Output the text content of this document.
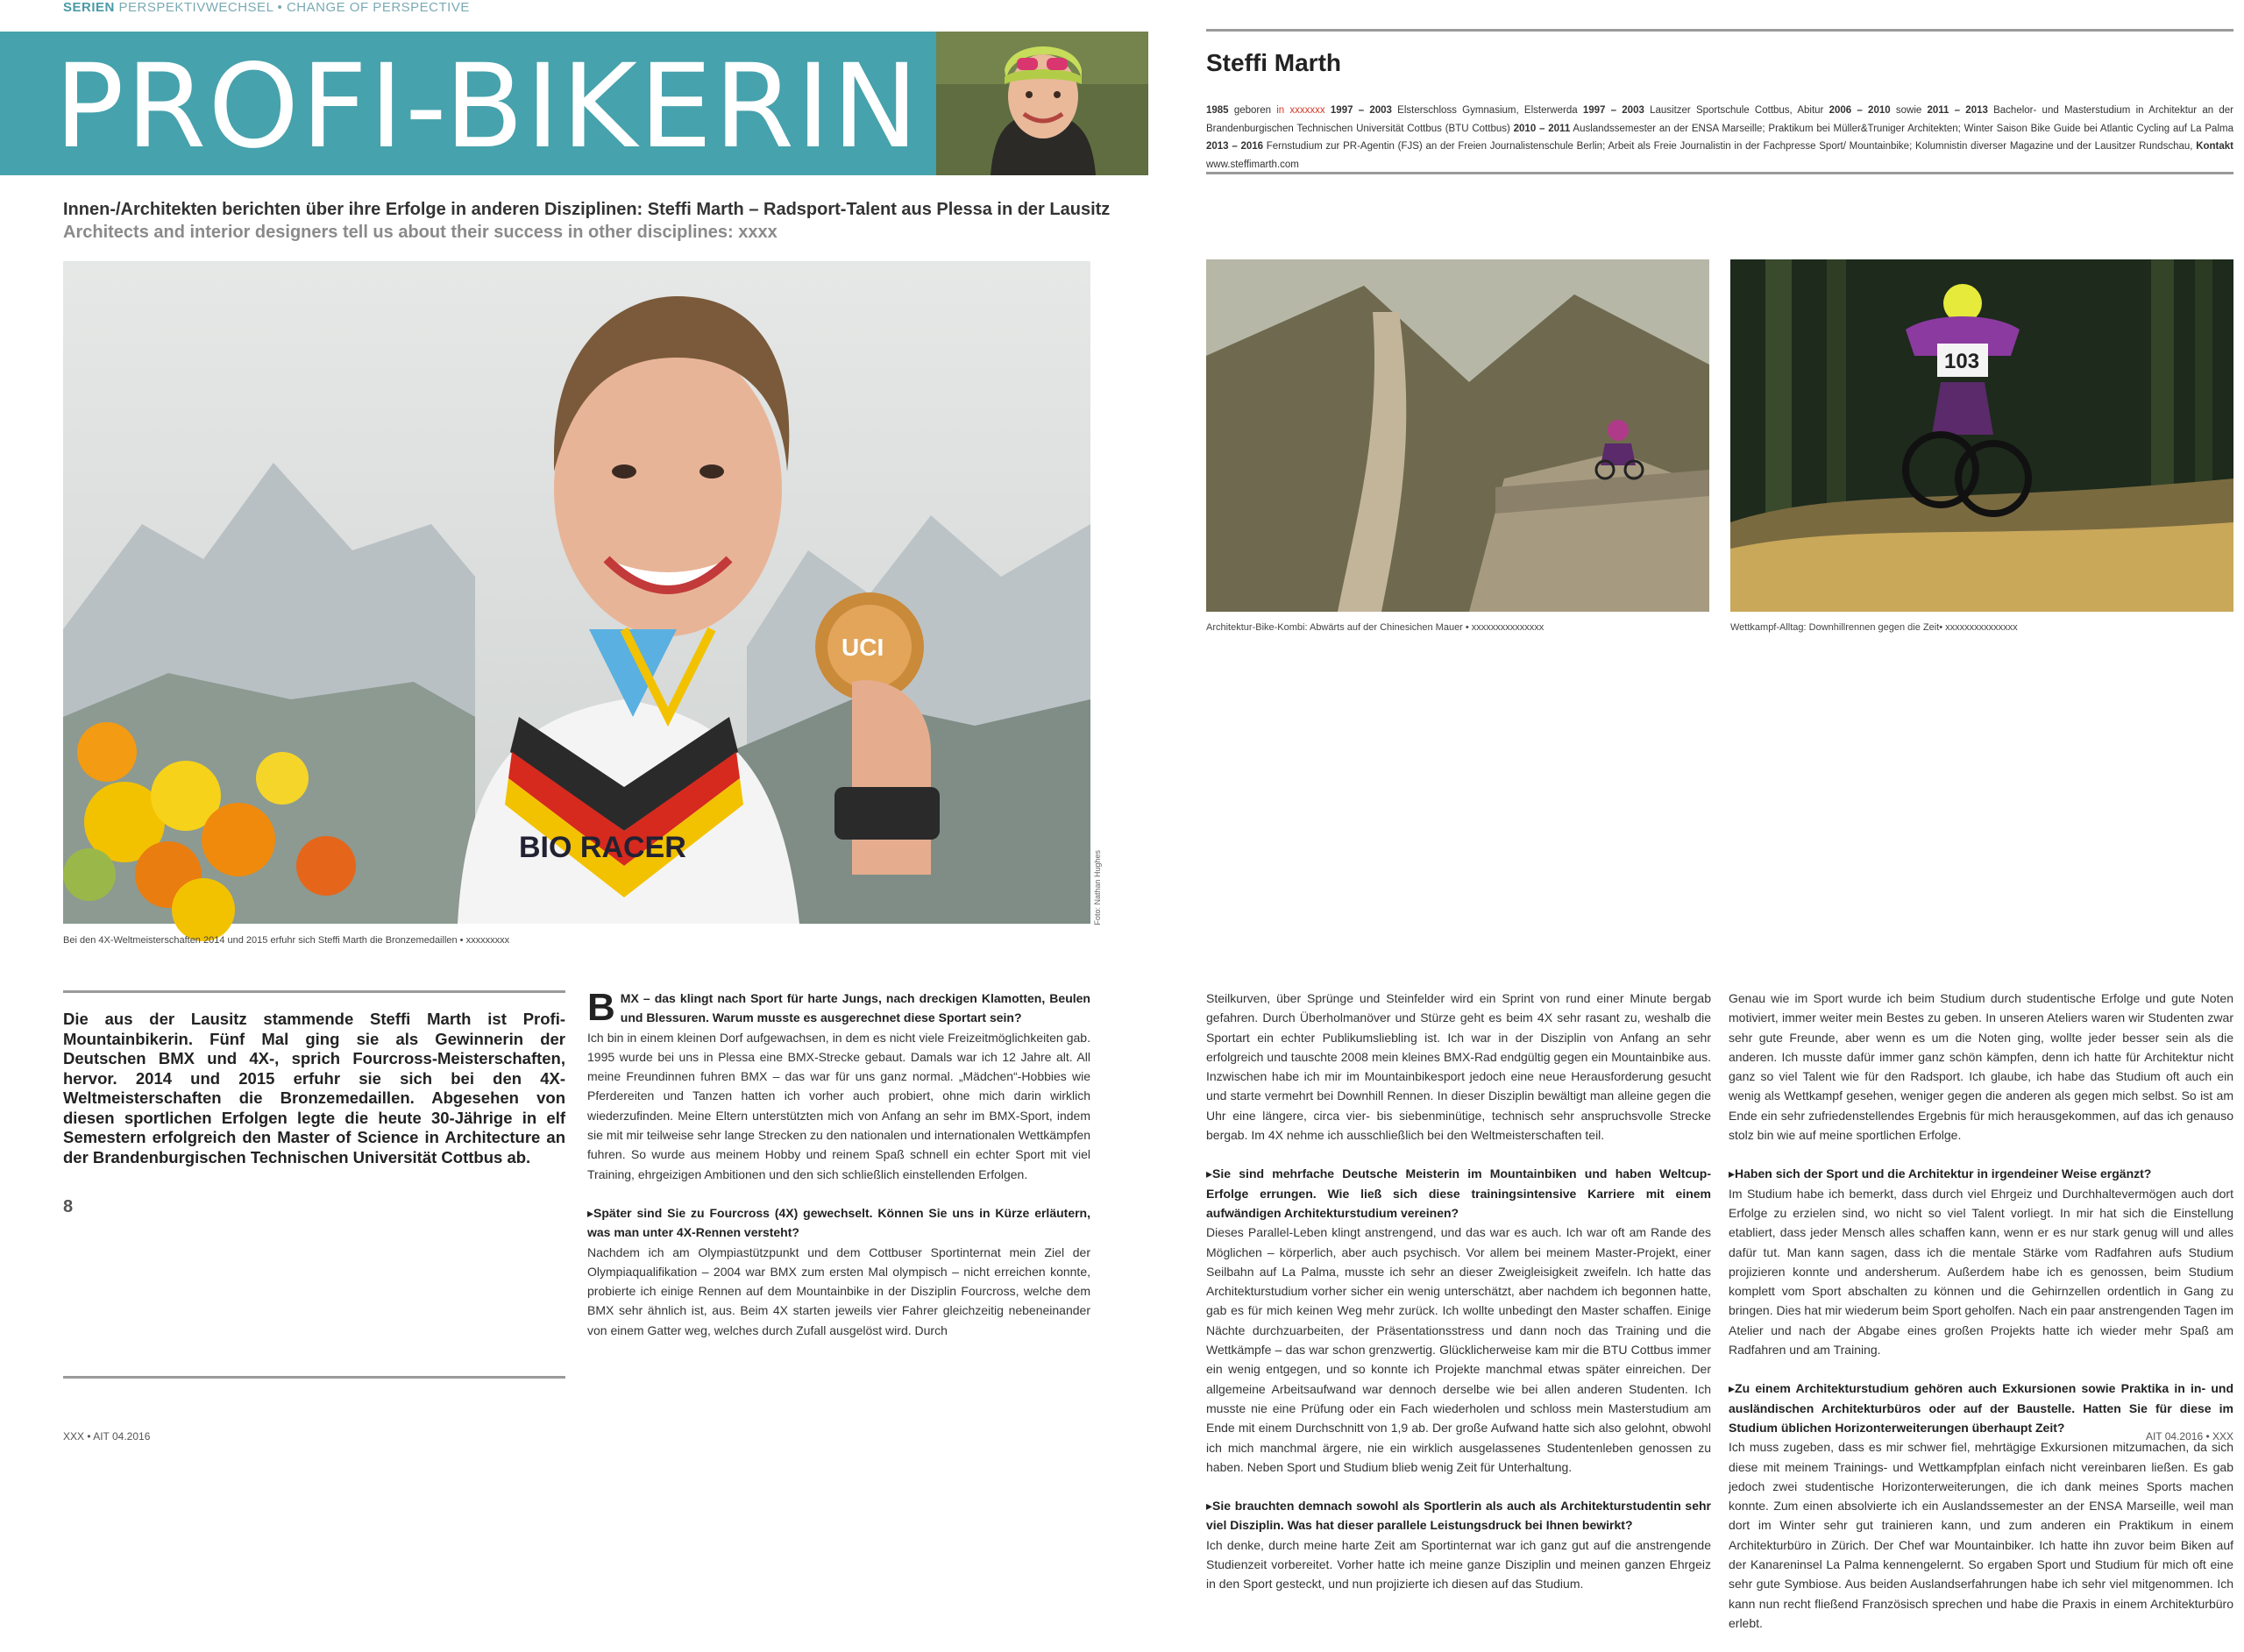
SERIEN PERSPEKTIVWECHSEL • CHANGE OF PERSPECTIVE
PROFI-BIKERIN
Innen-/Architekten berichten über ihre Erfolge in anderen Disziplinen: Steffi Marth – Radsport-Talent aus Plessa in der Lausitz
Architects and interior designers tell us about their success in other disciplines: xxxx
BIO RACER
UCI
Foto: Nathan Hughes
Bei den 4X-Weltmeisterschaften 2014 und 2015 erfuhr sich Steffi Marth die Bronzemedaillen • xxxxxxxxx
Die aus der Lausitz stammende Steffi Marth ist Profi-Mountainbikerin. Fünf Mal ging sie als Gewinnerin der Deutschen BMX und 4X-, sprich Fourcross-Meisterschaften, hervor. 2014 und 2015 erfuhr sie sich bei den 4X-Weltmeisterschaften die Bronzemedaillen. Abgesehen von diesen sportlichen Erfolgen legte die heute 30-Jährige in elf Semestern erfolgreich den Master of Science in Architecture an der Brandenburgischen Technischen Universität Cottbus ab.
8

BMX – das klingt nach Sport für harte Jungs, nach dreckigen Klamotten, Beulen und Blessuren. Warum musste es ausgerechnet diese Sportart sein?

Ich bin in einem kleinen Dorf aufgewachsen, in dem es nicht viele Freizeitmöglichkeiten gab. 1995 wurde bei uns in Plessa eine BMX-Strecke gebaut. Damals war ich 12 Jahre alt. All meine Freundinnen fuhren BMX – das war für uns ganz normal. „Mädchen“-Hobbies wie Pferdereiten und Tanzen hatten ich vorher auch probiert, ohne mich darin wirklich wiederzufinden. Meine Eltern unterstützten mich von Anfang an sehr im BMX-Sport, indem sie mit mir teilweise sehr lange Strecken zu den nationalen und internationalen Wettkämpfen fuhren. So wurde aus meinem Hobby und reinem Spaß schnell ein echter Sport mit viel Training, ehrgeizigen Ambitionen und den sich schließlich einstellenden Erfolgen.

▸ Später sind Sie zu Fourcross (4X) gewechselt. Können Sie uns in Kürze erläutern, was man unter 4X-Rennen versteht?

Nachdem ich am Olympiastützpunkt und dem Cottbuser Sportinternat mein Ziel der Olympiaqualifikation – 2004 war BMX zum ersten Mal olympisch – nicht erreichen konnte, probierte ich einige Rennen auf dem Mountainbike in der Disziplin Fourcross, welche dem BMX sehr ähnlich ist, aus. Beim 4X starten jeweils vier Fahrer gleichzeitig nebeneinander von einem Gatter weg, welches durch Zufall ausgelöst wird. Durch

Steffi Marth
1985 geboren in xxxxxxx 1997 – 2003 Elsterschloss Gymnasium, Elsterwerda 1997 – 2003 Lausitzer Sportschule Cottbus, Abitur 2006 – 2010 sowie 2011 – 2013 Bachelor- und Masterstudium in Architektur an der Brandenburgischen Technischen Universität Cottbus (BTU Cottbus) 2010 – 2011 Auslandssemester an der ENSA Marseille; Praktikum bei Müller&Truniger Architekten; Winter Saison Bike Guide bei Atlantic Cycling auf La Palma 2013 – 2016 Fernstudium zur PR-Agentin (FJS) an der Freien Journalistenschule Berlin; Arbeit als Freie Journalistin in der Fachpresse Sport/ Mountainbike; Kolumnistin diverser Magazine und der Lausitzer Rundschau, Kontakt www.steffimarth.com
103
Architektur-Bike-Kombi: Abwärts auf der Chinesichen Mauer • xxxxxxxxxxxxxxx	Wettkampf-Alltag: Downhillrennen gegen die Zeit• xxxxxxxxxxxxxxx

Steilkurven, über Sprünge und Steinfelder wird ein Sprint von rund einer Minute bergab gefahren. Durch Überholmanöver und Stürze geht es beim 4X sehr rasant zu, weshalb die Sportart ein echter Publikumsliebling ist. Ich war in der Disziplin von Anfang an sehr erfolgreich und tauschte 2008 mein kleines BMX-Rad endgültig gegen ein Mountainbike aus. Inzwischen habe ich mir im Mountainbikesport jedoch eine neue Herausforderung gesucht und starte vermehrt bei Downhill Rennen. In dieser Disziplin bewältigt man alleine gegen die Uhr eine längere, circa vier- bis siebenminütige, technisch sehr anspruchsvolle Strecke bergab. Im 4X nehme ich ausschließlich bei den Weltmeisterschaften teil.

▸ Sie sind mehrfache Deutsche Meisterin im Mountainbiken und haben Weltcup-Erfolge errungen. Wie ließ sich diese trainingsintensive Karriere mit einem aufwändigen Architekturstudium vereinen?

Dieses Parallel-Leben klingt anstrengend, und das war es auch. Ich war oft am Rande des Möglichen – körperlich, aber auch psychisch. Vor allem bei meinem Master-Projekt, einer Seilbahn auf La Palma, musste ich sehr an dieser Zweigleisigkeit zweifeln. Ich hatte das Architekturstudium vorher sicher ein wenig unterschätzt, aber nachdem ich begonnen hatte, gab es für mich keinen Weg mehr zurück. Ich wollte unbedingt den Master schaffen. Einige Nächte durchzuarbeiten, der Präsentationsstress und dann noch das Training und die Wettkämpfe – das war schon grenzwertig. Glücklicherweise kam mir die BTU Cottbus immer ein wenig entgegen, und so konnte ich Projekte manchmal etwas später einreichen. Der allgemeine Arbeitsaufwand war dennoch derselbe wie bei allen anderen Studenten. Ich musste nie eine Prüfung oder ein Fach wiederholen und schloss mein Masterstudium am Ende mit einem Durchschnitt von 1,9 ab. Der große Aufwand hatte sich also gelohnt, obwohl ich mich manchmal ärgere, nie ein wirklich ausgelassenes Studentenleben genossen zu haben. Neben Sport und Studium blieb wenig Zeit für Unterhaltung.

▸ Sie brauchten demnach sowohl als Sportlerin als auch als Architekturstudentin sehr viel Disziplin. Was hat dieser parallele Leistungsdruck bei Ihnen bewirkt?

Ich denke, durch meine harte Zeit am Sportinternat war ich ganz gut auf die anstrengende Studienzeit vorbereitet. Vorher hatte ich meine ganze Disziplin und meinen ganzen Ehrgeiz in den Sport gesteckt, und nun projizierte ich diesen auf das Studium.

Genau wie im Sport wurde ich beim Studium durch studentische Erfolge und gute Noten motiviert, immer weiter mein Bestes zu geben. In unseren Ateliers waren wir Studenten zwar sehr gute Freunde, aber wenn es um die Noten ging, wollte jeder besser sein als die anderen. Ich musste dafür immer ganz schön kämpfen, denn ich hatte für Architektur nicht ganz so viel Talent wie für den Radsport. Ich glaube, ich habe das Studium oft auch ein wenig als Wettkampf gesehen, weniger gegen die anderen als gegen mich selbst. So ist am Ende ein sehr zufriedenstellendes Ergebnis für mich herausgekommen, auf das ich genauso stolz bin wie auf meine sportlichen Erfolge.

▸ Haben sich der Sport und die Architektur in irgendeiner Weise ergänzt?

Im Studium habe ich bemerkt, dass durch viel Ehrgeiz und Durchhaltevermögen auch dort Erfolge zu erzielen sind, wo nicht so viel Talent vorliegt. In mir hat sich die Einstellung etabliert, dass jeder Mensch alles schaffen kann, wenn er es nur stark genug will und alles dafür tut. Man kann sagen, dass ich die mentale Stärke vom Radfahren aufs Studium projizieren konnte und andersherum. Außerdem habe ich es genossen, beim Studium komplett vom Sport abschalten zu können und die Gehirnzellen ordentlich in Gang zu bringen. Dies hat mir wiederum beim Sport geholfen. Nach ein paar anstrengenden Tagen im Atelier und nach der Abgabe eines großen Projekts hatte ich wieder mehr Spaß am Radfahren und am Training.

▸ Zu einem Architekturstudium gehören auch Exkursionen sowie Praktika in in- und ausländischen Architekturbüros oder auf der Baustelle. Hatten Sie für diese im Studium üblichen Horizonterweiterungen überhaupt Zeit?

Ich muss zugeben, dass es mir schwer fiel, mehrtägige Exkursionen mitzumachen, da sich diese mit meinem Trainings- und Wettkampfplan einfach nicht vereinbaren ließen. Es gab jedoch zwei studentische Horizonterweiterungen, die ich dank meines Sports machen konnte. Zum einen absolvierte ich ein Auslandssemester an der ENSA Marseille, weil man dort im Winter sehr gut trainieren kann, und zum anderen ein Praktikum in einem Architekturbüro in Zürich. Der Chef war Mountainbiker. Ich hatte ihn zuvor beim Biken auf der Kanareninsel La Palma kennengelernt. So ergaben Sport und Studium für mich oft eine sehr gute Symbiose. Aus beiden Auslandserfahrungen habe ich sehr viel mitgenommen. Ich kann nun recht fließend Französisch sprechen und habe die Praxis in einem Architekturbüro erlebt.

XXX • AIT 04.2016	AIT 04.2016 • XXX
